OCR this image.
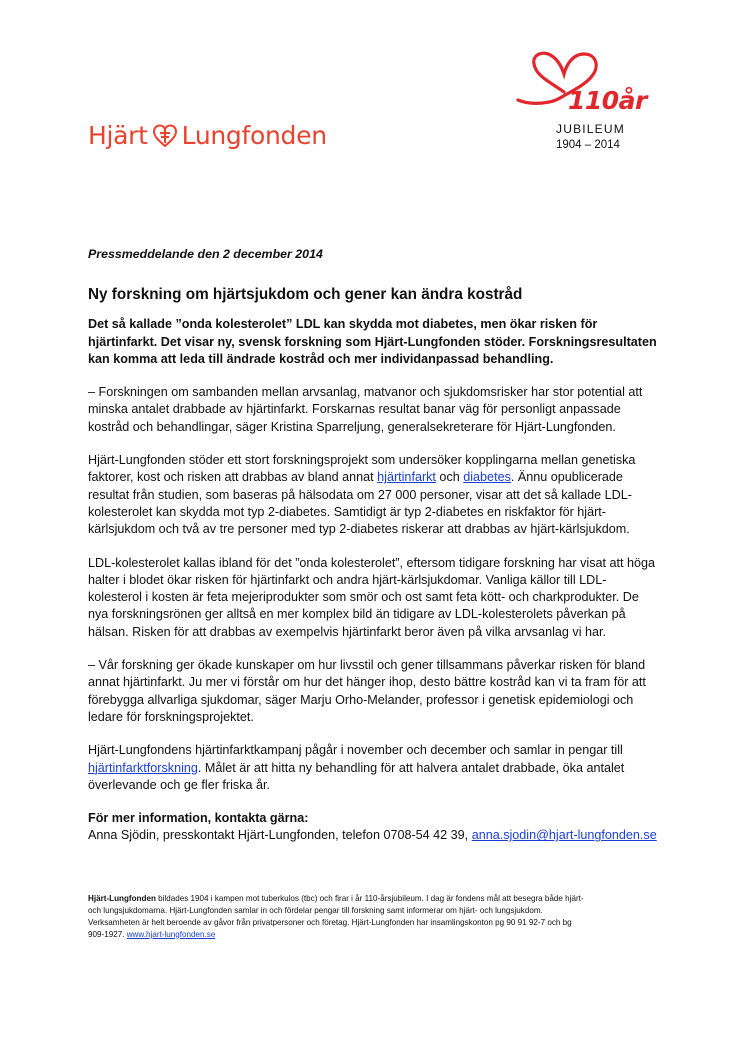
Hjärt Lungfonden
110år
JUBILEUM
1904 – 2014
Pressmeddelande den 2 december 2014
Ny forskning om hjärtsjukdom och gener kan ändra kostråd

Det så kallade ”onda kolesterolet” LDL kan skydda mot diabetes, men ökar risken för hjärtinfarkt. Det visar ny, svensk forskning som Hjärt-Lungfonden stöder. Forskningsresultaten kan komma att leda till ändrade kostråd och mer individanpassad behandling.

– Forskningen om sambanden mellan arvsanlag, matvanor och sjukdomsrisker har stor potential att minska antalet drabbade av hjärtinfarkt. Forskarnas resultat banar väg för personligt anpassade kostråd och behandlingar, säger Kristina Sparreljung, generalsekreterare för Hjärt-Lungfonden.

Hjärt-Lungfonden stöder ett stort forskningsprojekt som undersöker kopplingarna mellan genetiska faktorer, kost och risken att drabbas av bland annat hjärtinfarkt och diabetes. Ännu opublicerade resultat från studien, som baseras på hälsodata om 27 000 personer, visar att det så kallade LDL-kolesterolet kan skydda mot typ 2-diabetes. Samtidigt är typ 2-diabetes en riskfaktor för hjärt-kärlsjukdom och två av tre personer med typ 2-diabetes riskerar att drabbas av hjärt-kärlsjukdom.

LDL-kolesterolet kallas ibland för det ”onda kolesterolet”, eftersom tidigare forskning har visat att höga halter i blodet ökar risken för hjärtinfarkt och andra hjärt-kärlsjukdomar. Vanliga källor till LDL-kolesterol i kosten är feta mejeriprodukter som smör och ost samt feta kött- och charkprodukter. De nya forskningsrönen ger alltså en mer komplex bild än tidigare av LDL-kolesterolets påverkan på hälsan. Risken för att drabbas av exempelvis hjärtinfarkt beror även på vilka arvsanlag vi har.

– Vår forskning ger ökade kunskaper om hur livsstil och gener tillsammans påverkar risken för bland annat hjärtinfarkt. Ju mer vi förstår om hur det hänger ihop, desto bättre kostråd kan vi ta fram för att förebygga allvarliga sjukdomar, säger Marju Orho-Melander, professor i genetisk epidemiologi och ledare för forskningsprojektet.

Hjärt-Lungfondens hjärtinfarktkampanj pågår i november och december och samlar in pengar till hjärtinfarktforskning. Målet är att hitta ny behandling för att halvera antalet drabbade, öka antalet överlevande och ge fler friska år.

För mer information, kontakta gärna:
Anna Sjödin, presskontakt Hjärt-Lungfonden, telefon 0708-54 42 39, anna.sjodin@hjart-lungfonden.se

Hjärt-Lungfonden bildades 1904 i kampen mot tuberkulos (tbc) och firar i år 110-årsjubileum. I dag är fondens mål att besegra både hjärt- och lungsjukdomarna. Hjärt-Lungfonden samlar in och fördelar pengar till forskning samt informerar om hjärt- och lungsjukdom. Verksamheten är helt beroende av gåvor från privatpersoner och företag. Hjärt-Lungfonden har insamlingskonton pg 90 91 92-7 och bg 909-1927. www.hjart-lungfonden.se
